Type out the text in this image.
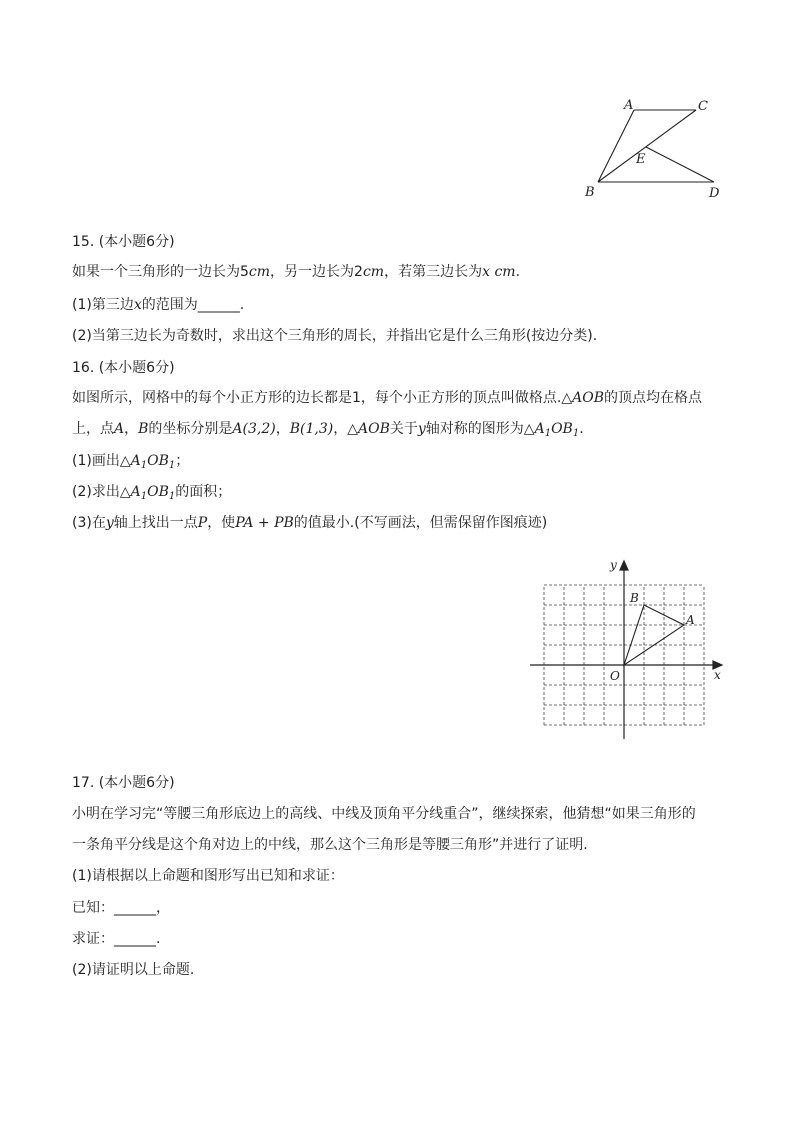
A	C
E
B	D
15. (本小题6分)
如果一个三角形的一边长为5cm，另一边长为2cm，若第三边长为x cm.
(1)第三边x的范围为______.
(2)当第三边长为奇数时，求出这个三角形的周长，并指出它是什么三角形(按边分类).
16. (本小题6分)
如图所示，网格中的每个小正方形的边长都是1，每个小正方形的顶点叫做格点.△AOB的顶点均在格点
上，点A，B的坐标分别是A(3,2)，B(1,3)，△AOB关于y轴对称的图形为$\triangle A_1OB_1$.
(1)画出$\triangle A_1OB_1$；
(2)求出$\triangle A_1OB_1$的面积；
(3)在y轴上找出一点P，使PA + PB的值最小.(不写画法，但需保留作图痕迹)
y
x
O
A
B
17. (本小题6分)
小明在学习完“等腰三角形底边上的高线、中线及顶角平分线重合”，继续探索，他猜想“如果三角形的
一条角平分线是这个角对边上的中线，那么这个三角形是等腰三角形”并进行了证明.
(1)请根据以上命题和图形写出已知和求证：
已知：______，
求证：______.
(2)请证明以上命题.
